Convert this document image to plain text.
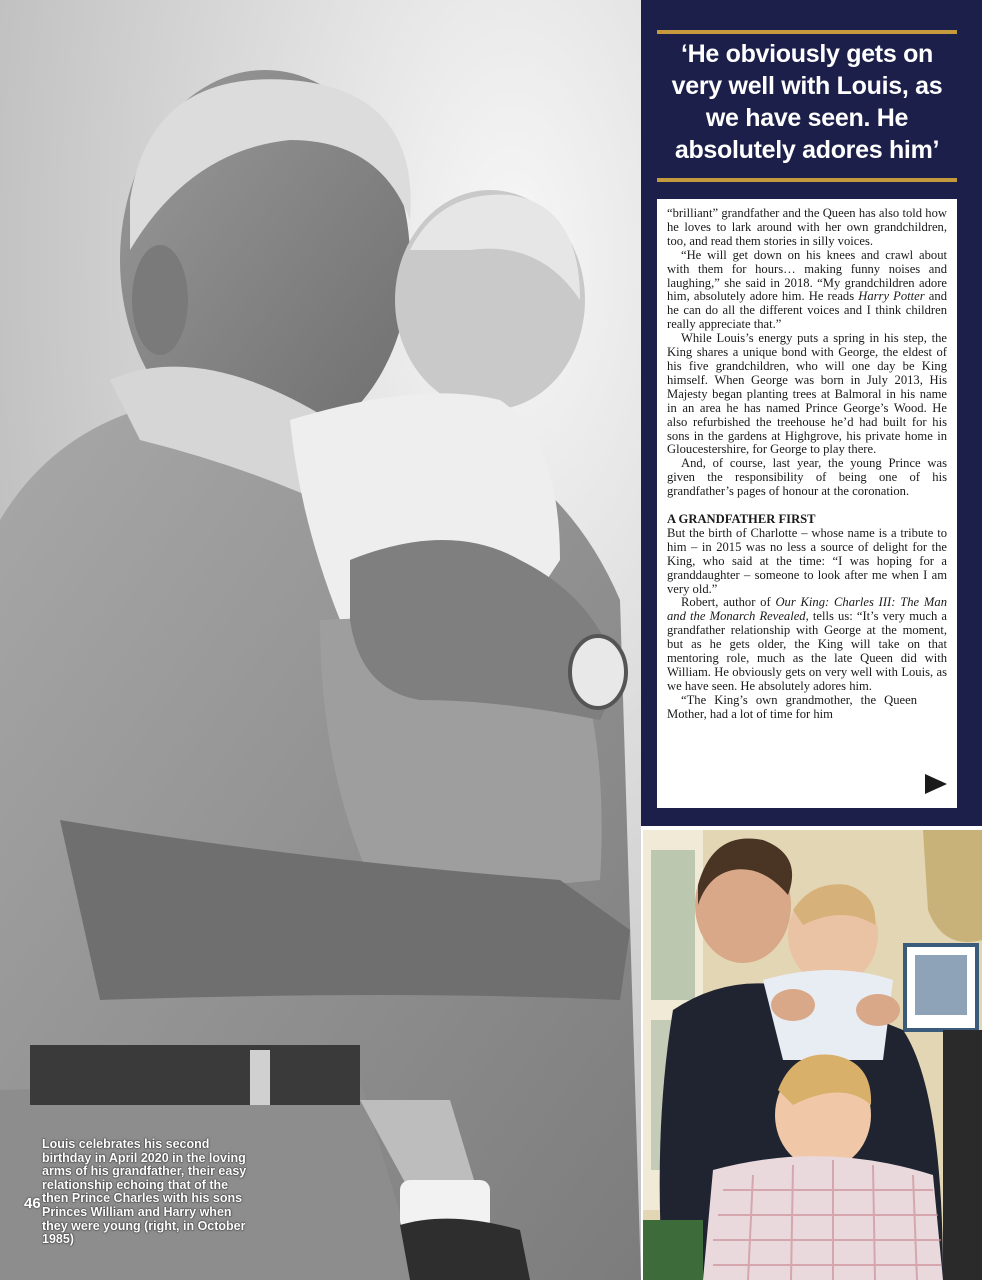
Louis celebrates his second birthday in April 2020 in the loving arms of his grandfather, their easy relationship echoing that of the then Prince Charles with his sons Princes William and Harry when they were young (right, in October 1985)
46
‘He obviously gets on very well with Louis, as we have seen. He absolutely adores him’

“brilliant” grandfather and the Queen has also told how he loves to lark around with her own grandchildren, too, and read them stories in silly voices.

“He will get down on his knees and crawl about with them for hours… making funny noises and laughing,” she said in 2018. “My grandchildren adore him, absolutely adore him. He reads Harry Potter and he can do all the different voices and I think children really appreciate that.”

While Louis’s energy puts a spring in his step, the King shares a unique bond with George, the eldest of his five grandchildren, who will one day be King himself. When George was born in July 2013, His Majesty began planting trees at Balmoral in his name in an area he has named Prince George’s Wood. He also refurbished the treehouse he’d had built for his sons in the gardens at Highgrove, his private home in Gloucestershire, for George to play there.

And, of course, last year, the young Prince was given the responsibility of being one of his grandfather’s pages of honour at the coronation.

A GRANDFATHER FIRST

But the birth of Charlotte – whose name is a tribute to him – in 2015 was no less a source of delight for the King, who said at the time: “I was hoping for a granddaughter – someone to look after me when I am very old.”

Robert, author of Our King: Charles III: The Man and the Monarch Revealed, tells us: “It’s very much a grandfather relationship with George at the moment, but as he gets older, the King will take on that mentoring role, much as the late Queen did with William. He obviously gets on very well with Louis, as we have seen. He absolutely adores him.

“The King’s own grandmother, the Queen Mother, had a lot of time for him
